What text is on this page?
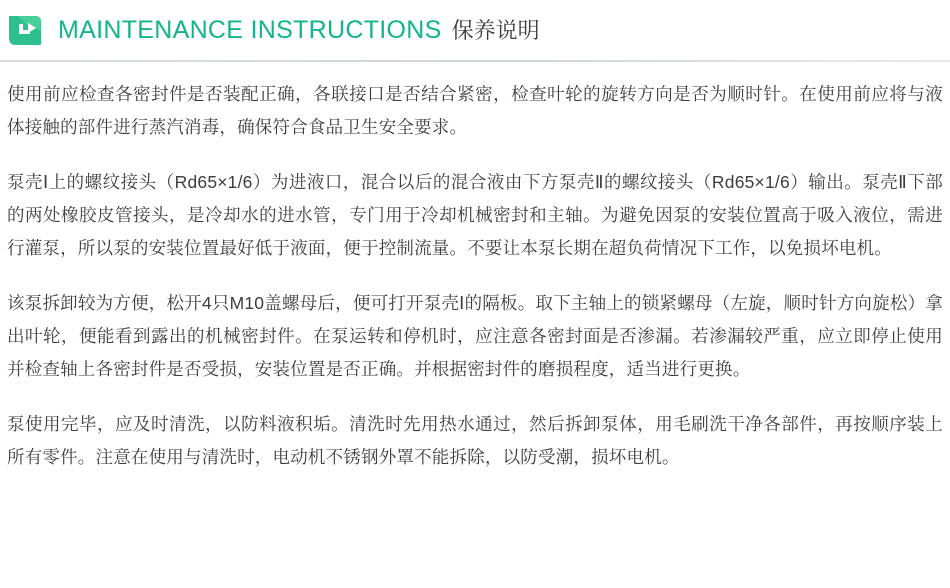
MAINTENANCE INSTRUCTIONS 保养说明

使用前应检查各密封件是否装配正确，各联接口是否结合紧密，检查叶轮的旋转方向是否为顺时针。在使用前应将与液体接触的部件进行蒸汽消毒，确保符合食品卫生安全要求。

泵壳Ⅰ上的螺纹接头（Rd65×1/6）为进液口，混合以后的混合液由下方泵壳Ⅱ的螺纹接头（Rd65×1/6）输出。泵壳Ⅱ下部的两处橡胶皮管接头，是冷却水的进水管，专门用于冷却机械密封和主轴。为避免因泵的安装位置高于吸入液位，需进行灌泵，所以泵的安装位置最好低于液面，便于控制流量。不要让本泵长期在超负荷情况下工作，以免损坏电机。

该泵拆卸较为方便，松开4只M10盖螺母后，便可打开泵壳Ⅰ的隔板。取下主轴上的锁紧螺母（左旋，顺时针方向旋松）拿出叶轮，便能看到露出的机械密封件。在泵运转和停机时，应注意各密封面是否渗漏。若渗漏较严重，应立即停止使用并检查轴上各密封件是否受损，安装位置是否正确。并根据密封件的磨损程度，适当进行更换。

泵使用完毕，应及时清洗，以防料液积垢。清洗时先用热水通过，然后拆卸泵体，用毛刷洗干净各部件，再按顺序装上所有零件。注意在使用与清洗时，电动机不锈钢外罩不能拆除，以防受潮，损坏电机。
